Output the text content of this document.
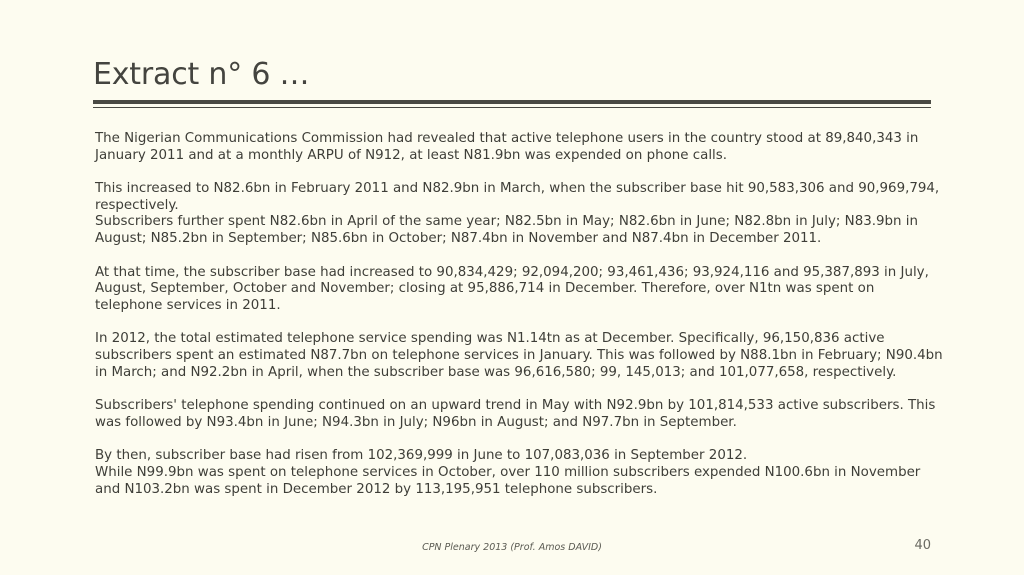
Extract n° 6 …

The Nigerian Communications Commission had revealed that active telephone users in the country stood at 89,840,343 in January 2011 and at a monthly ARPU of N912, at least N81.9bn was expended on phone calls.

This increased to N82.6bn in February 2011 and N82.9bn in March, when the subscriber base hit 90,583,306 and 90,969,794, respectively.
Subscribers further spent N82.6bn in April of the same year; N82.5bn in May; N82.6bn in June; N82.8bn in July; N83.9bn in August; N85.2bn in September; N85.6bn in October; N87.4bn in November and N87.4bn in December 2011.

At that time, the subscriber base had increased to 90,834,429; 92,094,200; 93,461,436; 93,924,116 and 95,387,893 in July, August, September, October and November; closing at 95,886,714 in December. Therefore, over N1tn was spent on telephone services in 2011.

In 2012, the total estimated telephone service spending was N1.14tn as at December. Specifically, 96,150,836 active subscribers spent an estimated N87.7bn on telephone services in January. This was followed by N88.1bn in February; N90.4bn in March; and N92.2bn in April, when the subscriber base was 96,616,580; 99, 145,013; and 101,077,658, respectively.

Subscribers' telephone spending continued on an upward trend in May with N92.9bn by 101,814,533 active subscribers. This was followed by N93.4bn in June; N94.3bn in July; N96bn in August; and N97.7bn in September.

By then, subscriber base had risen from 102,369,999 in June to 107,083,036 in September 2012.
While N99.9bn was spent on telephone services in October, over 110 million subscribers expended N100.6bn in November and N103.2bn was spent in December 2012 by 113,195,951 telephone subscribers.

CPN Plenary 2013 (Prof. Amos DAVID)	40
